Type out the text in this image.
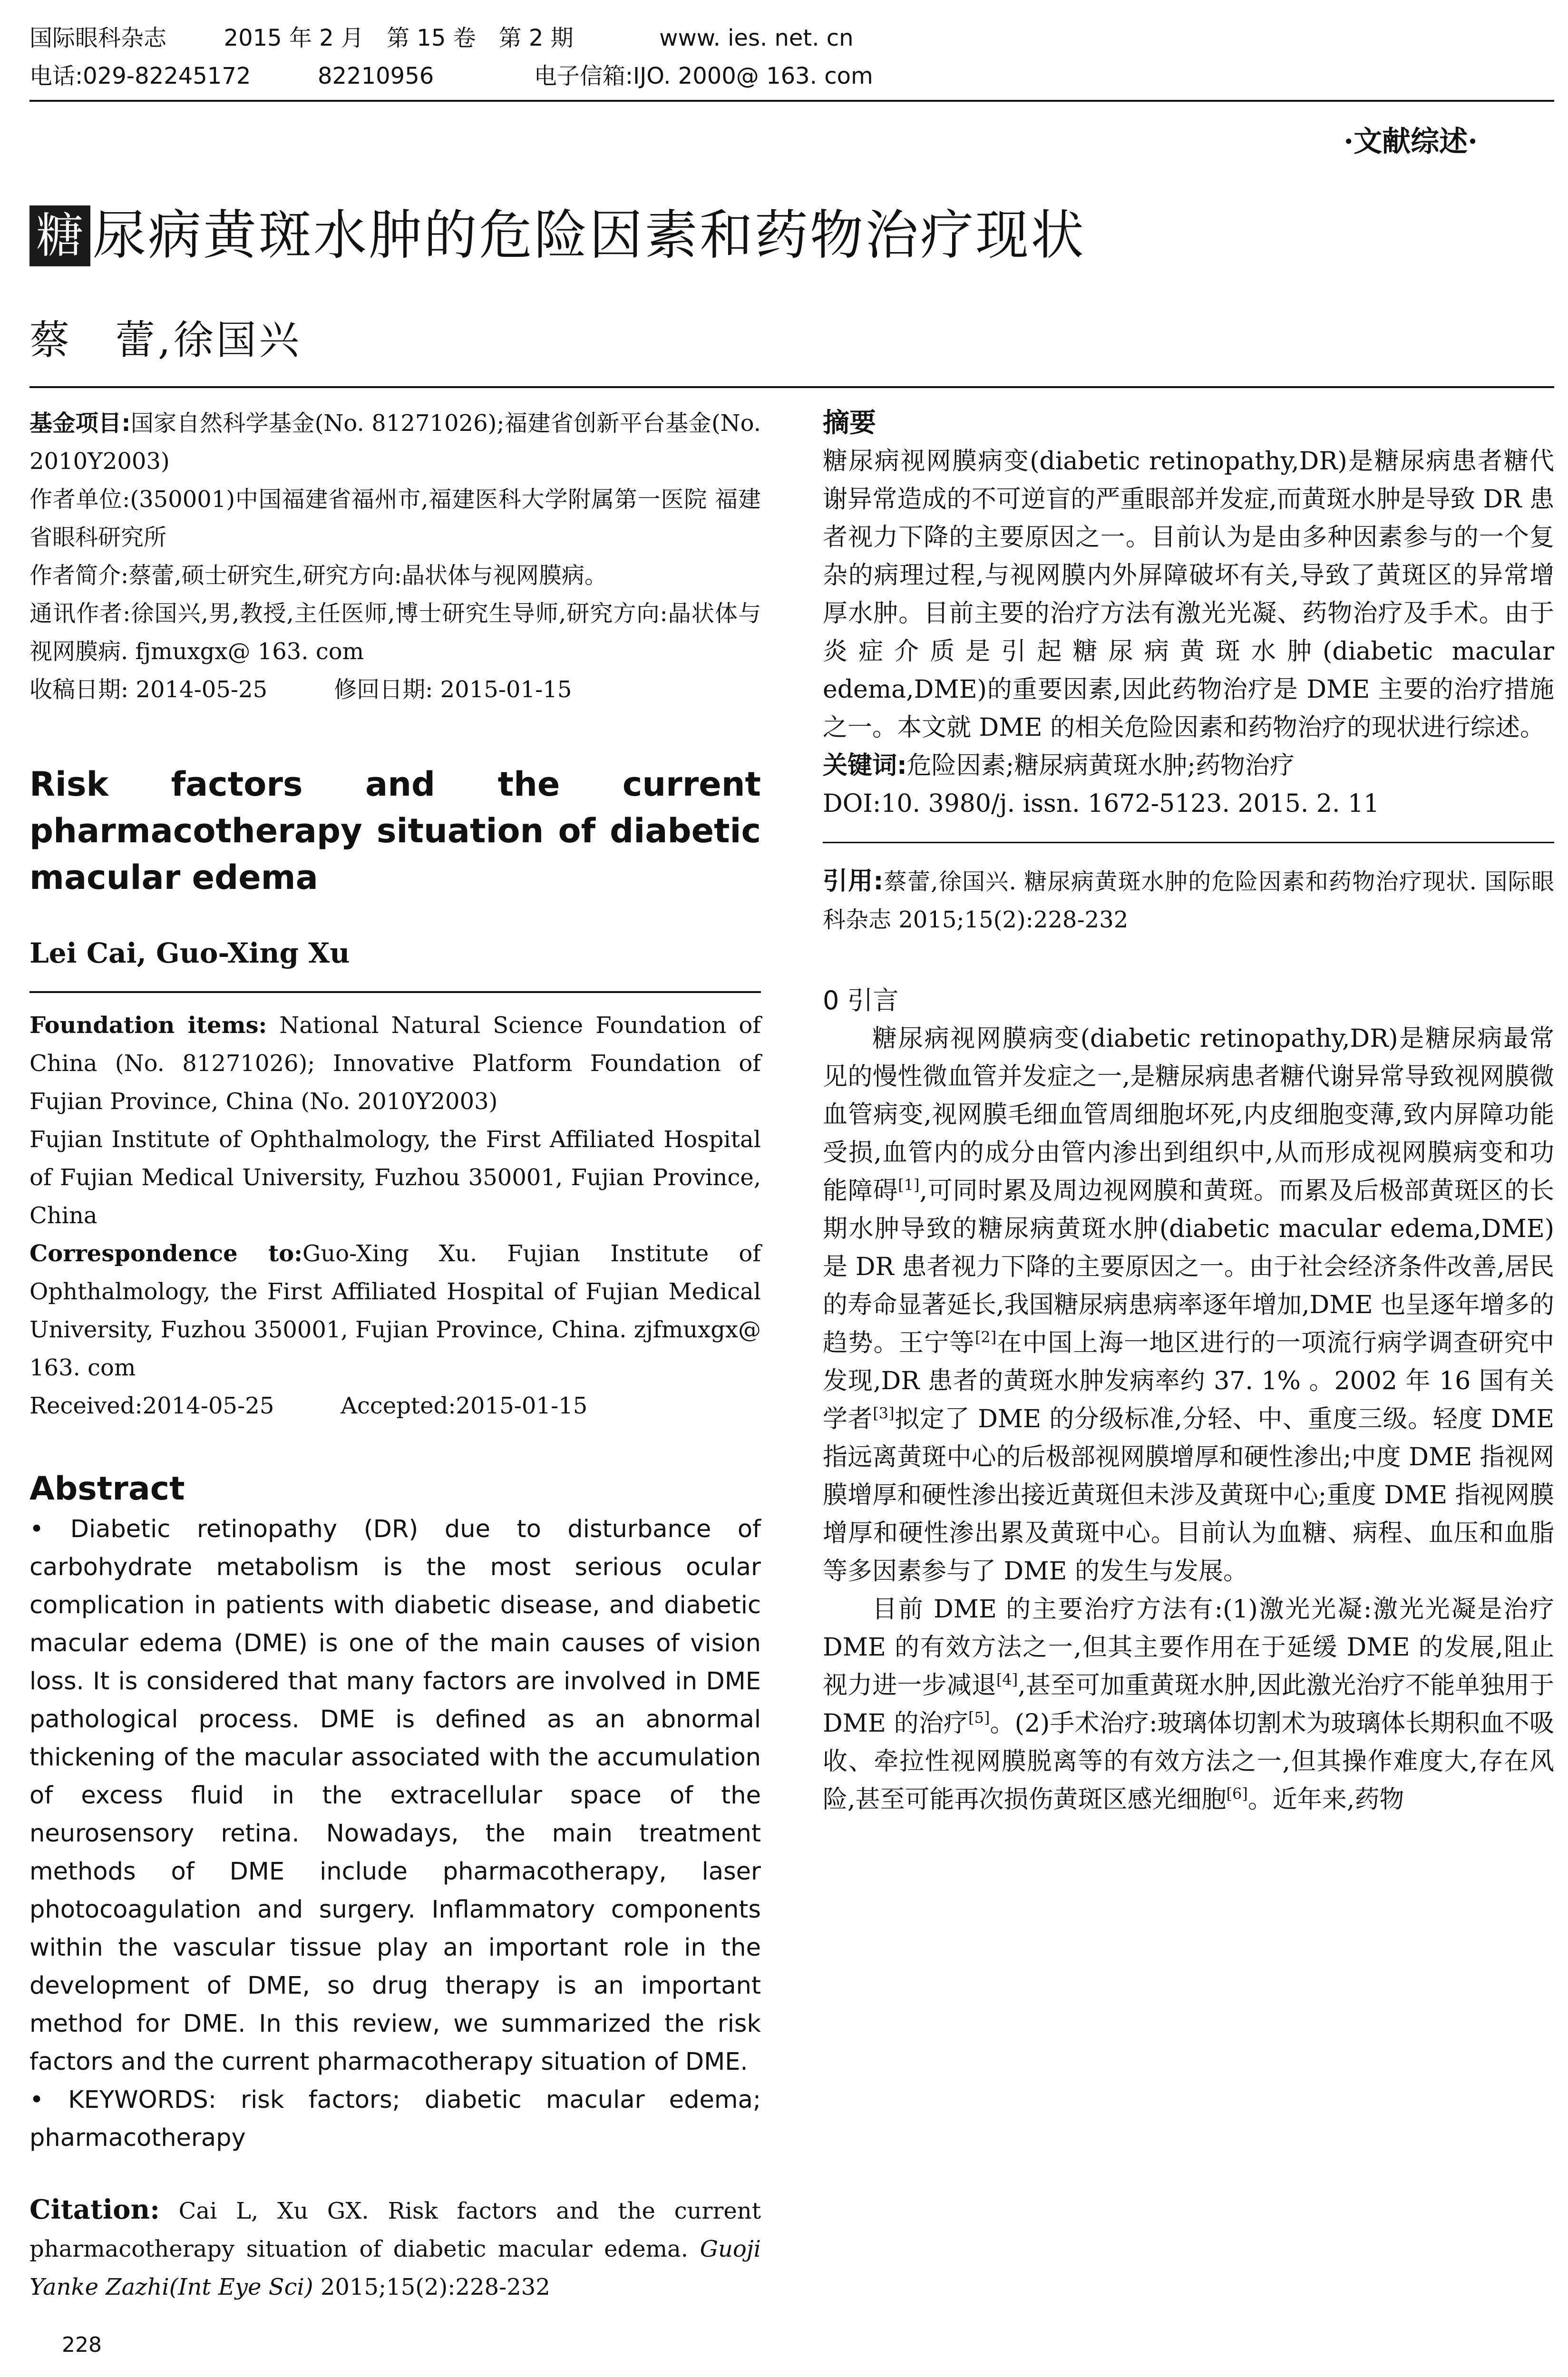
国际眼科杂志	2015 年 2 月　第 15 卷　第 2 期	www. ies. net. cn
电话:029-82245172	82210956	电子信箱:IJO. 2000@ 163. com
·文献综述·
糖 尿病黄斑水肿的危险因素和药物治疗现状
蔡　蕾,徐国兴
基金项目:国家自然科学基金(No. 81271026);福建省创新平台基金(No. 2010Y2003)
作者单位:(350001)中国福建省福州市,福建医科大学附属第一医院 福建省眼科研究所
作者简介:蔡蕾,硕士研究生,研究方向:晶状体与视网膜病。
通讯作者:徐国兴,男,教授,主任医师,博士研究生导师,研究方向:晶状体与视网膜病. fjmuxgx@ 163. com
收稿日期: 2014-05-25	修回日期: 2015-01-15

Risk factors and the current pharmacotherapy situation of diabetic macular edema

Lei Cai, Guo-Xing Xu
Foundation items: National Natural Science Foundation of China (No. 81271026); Innovative Platform Foundation of Fujian Province, China (No. 2010Y2003)
Fujian Institute of Ophthalmology, the First Affiliated Hospital of Fujian Medical University, Fuzhou 350001, Fujian Province, China
Correspondence to:Guo-Xing Xu. Fujian Institute of Ophthalmology, the First Affiliated Hospital of Fujian Medical University, Fuzhou 350001, Fujian Province, China. zjfmuxgx@ 163. com
Received:2014-05-25	Accepted:2015-01-15
Abstract

• Diabetic retinopathy (DR) due to disturbance of carbohydrate metabolism is the most serious ocular complication in patients with diabetic disease, and diabetic macular edema (DME) is one of the main causes of vision loss. It is considered that many factors are involved in DME pathological process. DME is defined as an abnormal thickening of the macular associated with the accumulation of excess fluid in the extracellular space of the neurosensory retina. Nowadays, the main treatment methods of DME include pharmacotherapy, laser photocoagulation and surgery. Inflammatory components within the vascular tissue play an important role in the development of DME, so drug therapy is an important method for DME. In this review, we summarized the risk factors and the current pharmacotherapy situation of DME.

• KEYWORDS: risk factors; diabetic macular edema; pharmacotherapy

Citation: Cai L, Xu GX. Risk factors and the current pharmacotherapy situation of diabetic macular edema. Guoji Yanke Zazhi(Int Eye Sci) 2015;15(2):228-232
摘要

糖尿病视网膜病变(diabetic retinopathy,DR)是糖尿病患者糖代谢异常造成的不可逆盲的严重眼部并发症,而黄斑水肿是导致 DR 患者视力下降的主要原因之一。目前认为是由多种因素参与的一个复杂的病理过程,与视网膜内外屏障破坏有关,导致了黄斑区的异常增厚水肿。目前主要的治疗方法有激光光凝、药物治疗及手术。由于炎症介质是引起糖尿病黄斑水肿(diabetic macular edema,DME)的重要因素,因此药物治疗是 DME 主要的治疗措施之一。本文就 DME 的相关危险因素和药物治疗的现状进行综述。

关键词:危险因素;糖尿病黄斑水肿;药物治疗
DOI:10. 3980/j. issn. 1672-5123. 2015. 2. 11
引用:蔡蕾,徐国兴. 糖尿病黄斑水肿的危险因素和药物治疗现状. 国际眼科杂志 2015;15(2):228-232
0 引言

糖尿病视网膜病变(diabetic retinopathy,DR)是糖尿病最常见的慢性微血管并发症之一,是糖尿病患者糖代谢异常导致视网膜微血管病变,视网膜毛细血管周细胞坏死,内皮细胞变薄,致内屏障功能受损,血管内的成分由管内渗出到组织中,从而形成视网膜病变和功能障碍[1],可同时累及周边视网膜和黄斑。而累及后极部黄斑区的长期水肿导致的糖尿病黄斑水肿(diabetic macular edema,DME)是 DR 患者视力下降的主要原因之一。由于社会经济条件改善,居民的寿命显著延长,我国糖尿病患病率逐年增加,DME 也呈逐年增多的趋势。王宁等[2]在中国上海一地区进行的一项流行病学调查研究中发现,DR 患者的黄斑水肿发病率约 37. 1% 。2002 年 16 国有关学者[3]拟定了 DME 的分级标准,分轻、中、重度三级。轻度 DME 指远离黄斑中心的后极部视网膜增厚和硬性渗出;中度 DME 指视网膜增厚和硬性渗出接近黄斑但未涉及黄斑中心;重度 DME 指视网膜增厚和硬性渗出累及黄斑中心。目前认为血糖、病程、血压和血脂等多因素参与了 DME 的发生与发展。

目前 DME 的主要治疗方法有:(1)激光光凝:激光光凝是治疗 DME 的有效方法之一,但其主要作用在于延缓 DME 的发展,阻止视力进一步减退[4],甚至可加重黄斑水肿,因此激光治疗不能单独用于 DME 的治疗[5]。(2)手术治疗:玻璃体切割术为玻璃体长期积血不吸收、牵拉性视网膜脱离等的有效方法之一,但其操作难度大,存在风险,甚至可能再次损伤黄斑区感光细胞[6]。近年来,药物

228
